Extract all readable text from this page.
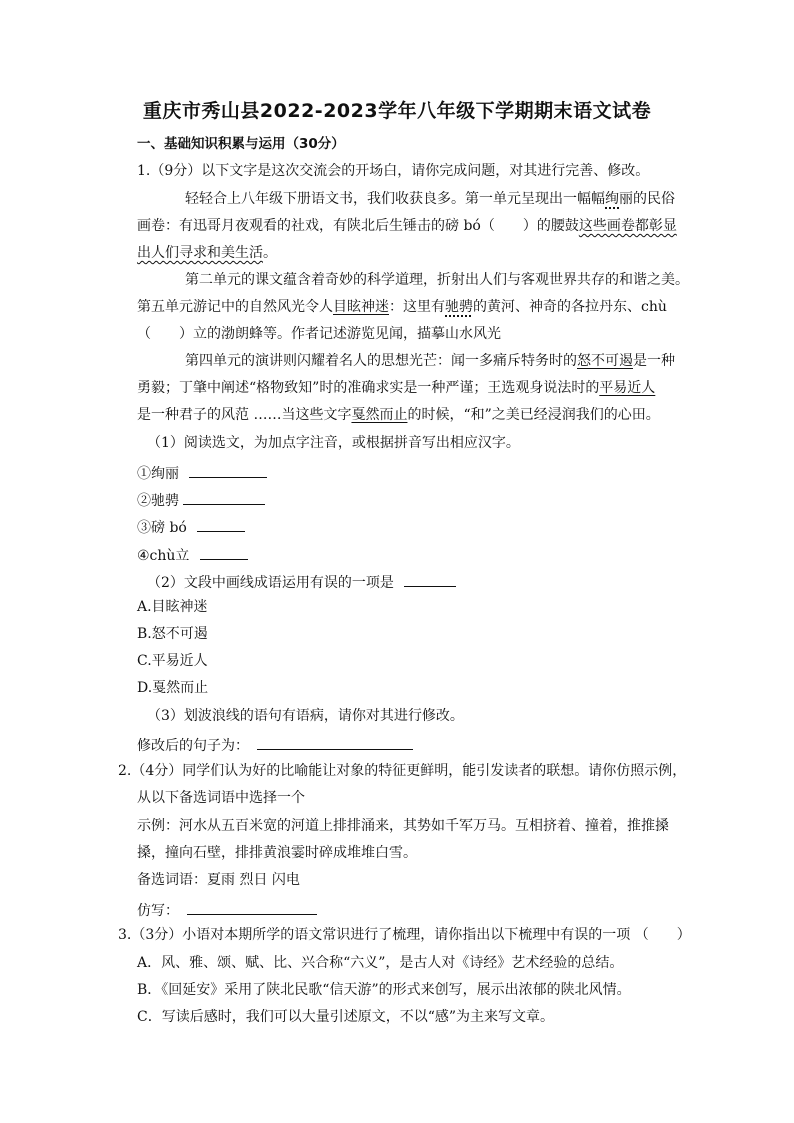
重庆市秀山县2022-2023学年八年级下学期期末语文试卷
一、基础知识积累与运用（30分）
1.（9分）以下文字是这次交流会的开场白，请你完成问题，对其进行完善、修改。
轻轻合上八年级下册语文书，我们收获良多。第一单元呈现出一幅幅绚丽的民俗
画卷：有迅哥月夜观看的社戏，有陕北后生锤击的磅 bó（　　）的腰鼓这些画卷都彰显
出人们寻求和美生活。
第二单元的课文蕴含着奇妙的科学道理，折射出人们与客观世界共存的和谐之美。
第五单元游记中的自然风光令人目眩神迷：这里有驰骋的黄河、神奇的各拉丹东、chù
（　　）立的渤朗蜂等。作者记述游览见闻，描摹山水风光
第四单元的演讲则闪耀着名人的思想光芒：闻一多痛斥特务时的怒不可遏是一种
勇毅；丁肇中阐述“格物致知”时的准确求实是一种严谨；王选观身说法时的平易近人
是一种君子的风范 ……当这些文字戛然而止的时候，“和”之美已经浸润我们的心田。
（1）阅读选文，为加点字注音，或根据拼音写出相应汉字。
①绚丽
②驰骋
③磅 bó
④chù立
（2）文段中画线成语运用有误的一项是
A.目眩神迷
B.怒不可遏
C.平易近人
D.戛然而止
（3）划波浪线的语句有语病，请你对其进行修改。
修改后的句子为：
2.（4分）同学们认为好的比喻能让对象的特征更鲜明，能引发读者的联想。请你仿照示例，
从以下备选词语中选择一个
示例：河水从五百米宽的河道上排排涌来，其势如千军万马。互相挤着、撞着，推推搡
搡，撞向石壁，排排黄浪霎时碎成堆堆白雪。
备选词语：夏雨 烈日 闪电
仿写：
3.（3分）小语对本期所学的语文常识进行了梳理，请你指出以下梳理中有误的一项 （　　）
A．风、雅、颂、赋、比、兴合称“六义”，是古人对《诗经》艺术经验的总结。
B．《回延安》采用了陕北民歌“信天游”的形式来创写，展示出浓郁的陕北风情。
C．写读后感时，我们可以大量引述原文，不以“感”为主来写文章。
